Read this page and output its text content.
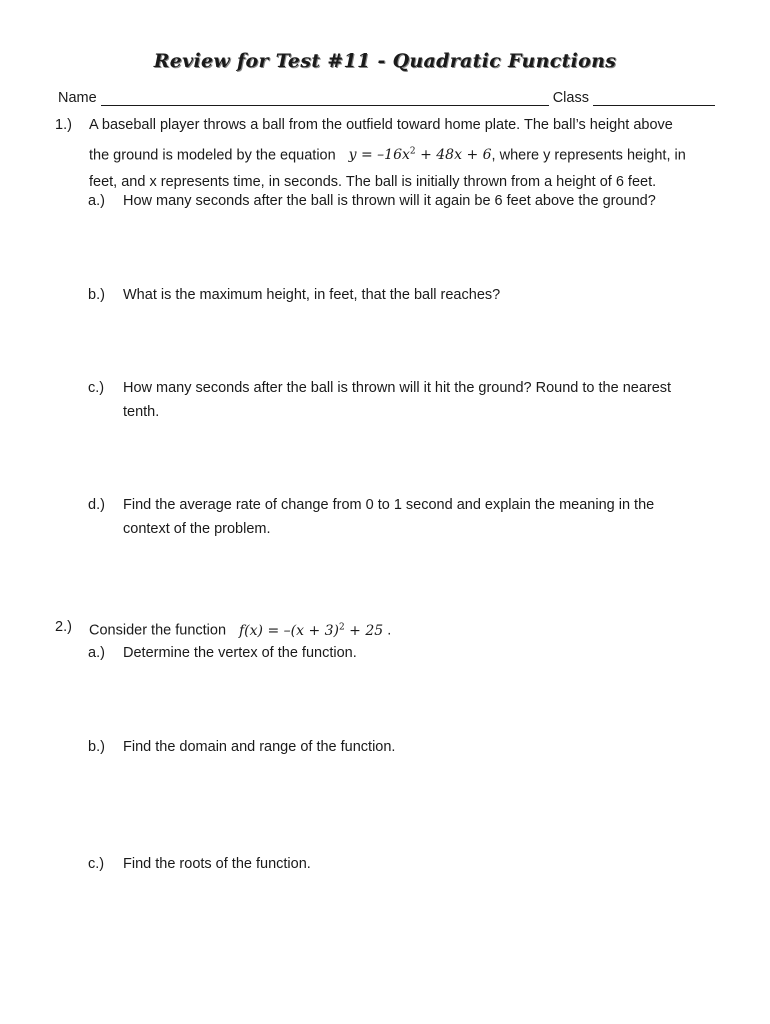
Review for Test #11 - Quadratic Functions
Name	Class
1.) A baseball player throws a ball from the outfield toward home plate. The ball’s height above
the ground is modeled by the equation $y = -16x^2 + 48x + 6$, where y represents height, in
feet, and x represents time, in seconds. The ball is initially thrown from a height of 6 feet.
a.) How many seconds after the ball is thrown will it again be 6 feet above the ground?
b.) What is the maximum height, in feet, that the ball reaches?
c.) How many seconds after the ball is thrown will it hit the ground? Round to the nearest tenth.
d.) Find the average rate of change from 0 to 1 second and explain the meaning in the context of the problem.
2.) Consider the function $f(x) = -(x + 3)^2 + 25$ .
a.) Determine the vertex of the function.
b.) Find the domain and range of the function.
c.) Find the roots of the function.
